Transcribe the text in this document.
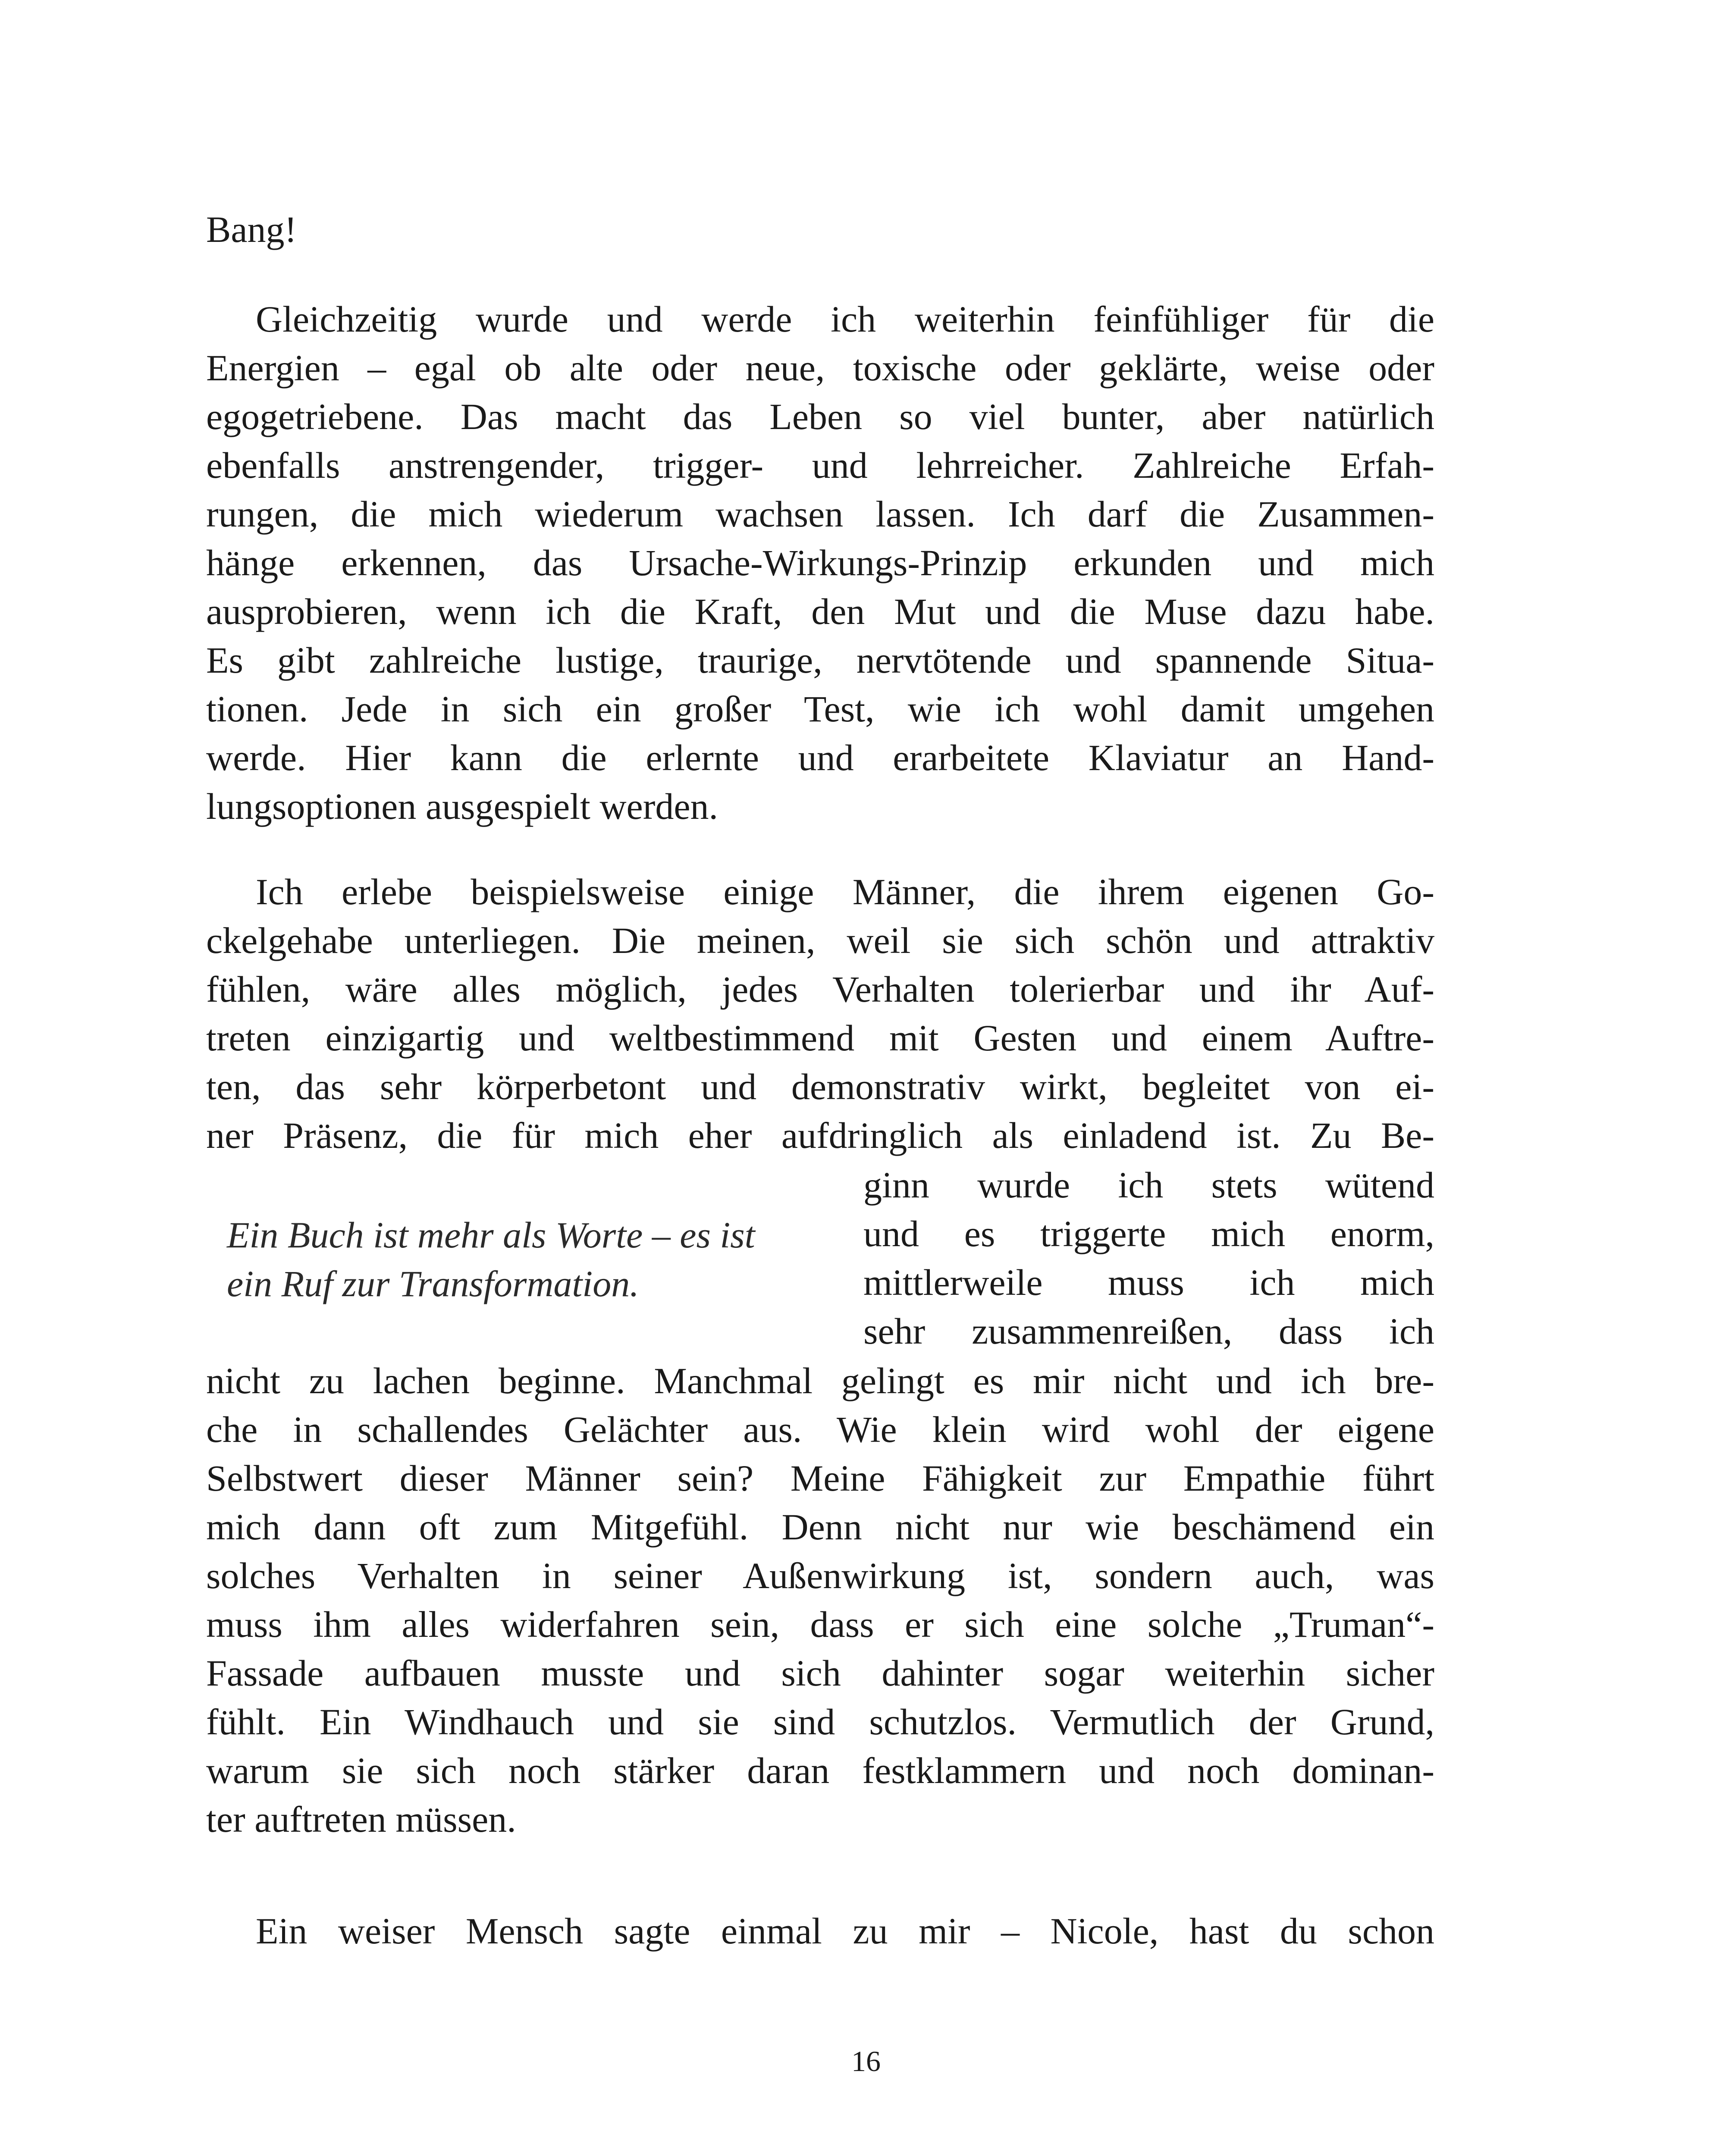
Bang!
Gleichzeitig wurde und werde ich weiterhin feinfühliger für die
Energien – egal ob alte oder neue, toxische oder geklärte, weise oder
egogetriebene. Das macht das Leben so viel bunter, aber natürlich
ebenfalls anstrengender, trigger- und lehrreicher. Zahlreiche Erfah-
rungen, die mich wiederum wachsen lassen. Ich darf die Zusammen-
hänge erkennen, das Ursache-Wirkungs-Prinzip erkunden und mich
ausprobieren, wenn ich die Kraft, den Mut und die Muse dazu habe.
Es gibt zahlreiche lustige, traurige, nervtötende und spannende Situa-
tionen. Jede in sich ein großer Test, wie ich wohl damit umgehen
werde. Hier kann die erlernte und erarbeitete Klaviatur an Hand-
lungsoptionen ausgespielt werden.
Ich erlebe beispielsweise einige Männer, die ihrem eigenen Go-
ckelgehabe unterliegen. Die meinen, weil sie sich schön und attraktiv
fühlen, wäre alles möglich, jedes Verhalten tolerierbar und ihr Auf-
treten einzigartig und weltbestimmend mit Gesten und einem Auftre-
ten, das sehr körperbetont und demonstrativ wirkt, begleitet von ei-
ner Präsenz, die für mich eher aufdringlich als einladend ist. Zu Be-
ginn wurde ich stets wütend
und es triggerte mich enorm,
mittlerweile muss ich mich
sehr zusammenreißen, dass ich
Ein Buch ist mehr als Worte – es ist
ein Ruf zur Transformation.
nicht zu lachen beginne. Manchmal gelingt es mir nicht und ich bre-
che in schallendes Gelächter aus. Wie klein wird wohl der eigene
Selbstwert dieser Männer sein? Meine Fähigkeit zur Empathie führt
mich dann oft zum Mitgefühl. Denn nicht nur wie beschämend ein
solches Verhalten in seiner Außenwirkung ist, sondern auch, was
muss ihm alles widerfahren sein, dass er sich eine solche „Truman“-
Fassade aufbauen musste und sich dahinter sogar weiterhin sicher
fühlt. Ein Windhauch und sie sind schutzlos. Vermutlich der Grund,
warum sie sich noch stärker daran festklammern und noch dominan-
ter auftreten müssen.
Ein weiser Mensch sagte einmal zu mir – Nicole, hast du schon
16
